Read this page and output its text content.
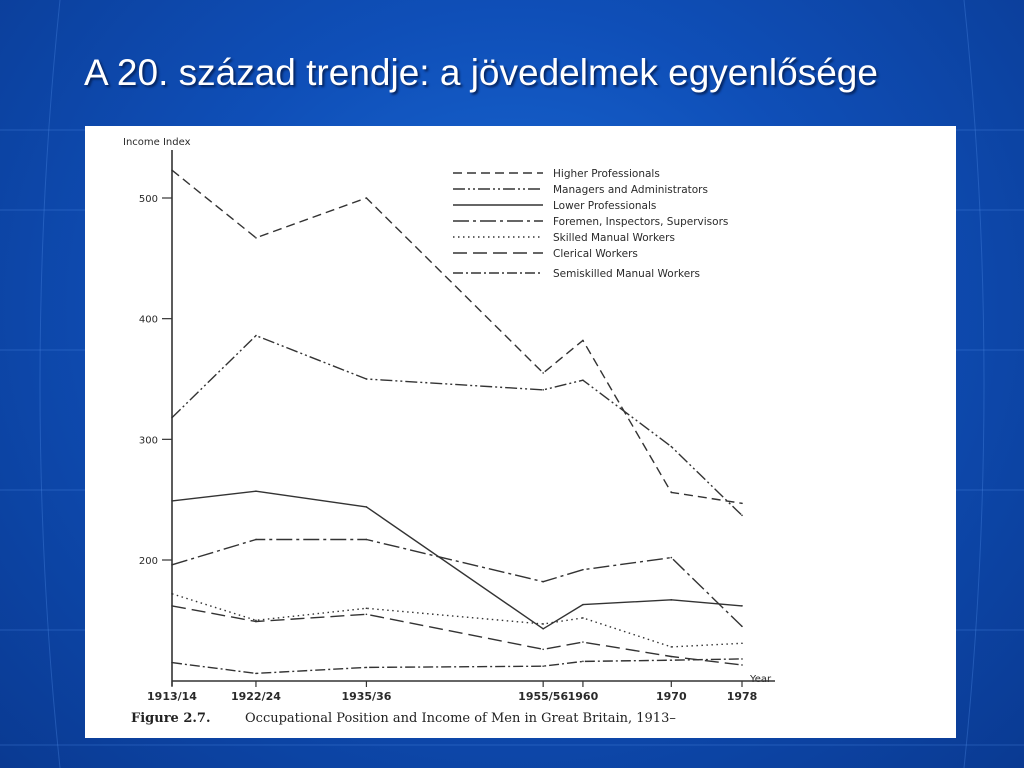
A 20. század trendje: a jövedelmek egyenlősége
Income Index
Year
Figure 2.7.	Occupational Position and Income of Men in Great Britain, 1913–
200
300
400
500
1913/14	1922/24	1935/36	1955/56 1960	1970	1978
Higher Professionals
Managers and Administrators
Lower Professionals
Foremen, Inspectors, Supervisors
Skilled Manual Workers
Clerical Workers
Semiskilled Manual Workers
